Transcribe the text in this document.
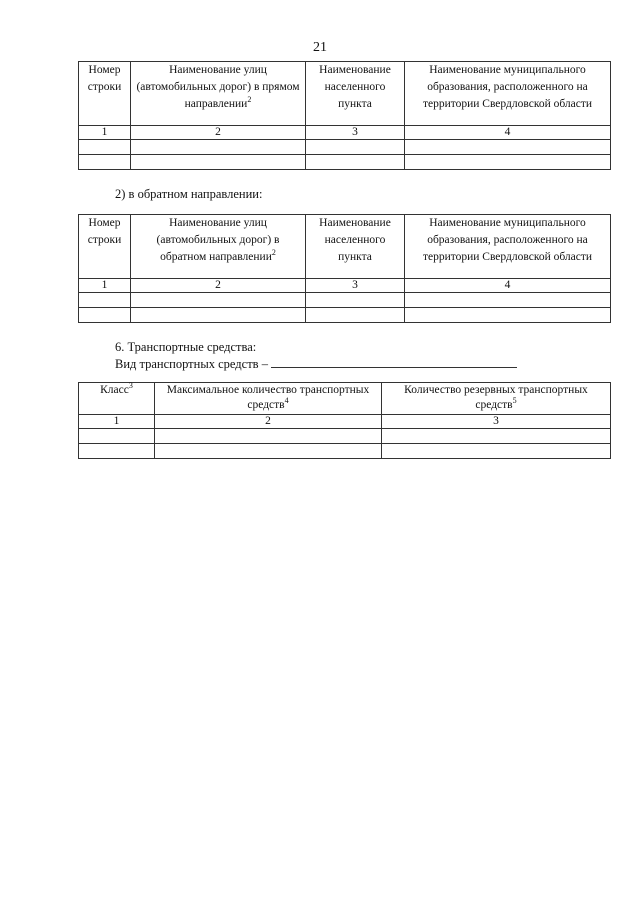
21
Номер строки	Наименование улиц (автомобильных дорог) в прямом направлении$^2$	Наименование населенного пункта	Наименование муниципального образования, расположенного на территории Свердловской области
1	2	3	4

2) в обратном направлении:
Номер строки	Наименование улиц (автомобильных дорог) в обратном направлении$^2$	Наименование населенного пункта	Наименование муниципального образования, расположенного на территории Свердловской области
1	2	3	4

6. Транспортные средства:
Вид транспортных средств –
Класс$^3$	Максимальное количество транспортных средств$^4$	Количество резервных транспортных средств$^5$
1	2	3
